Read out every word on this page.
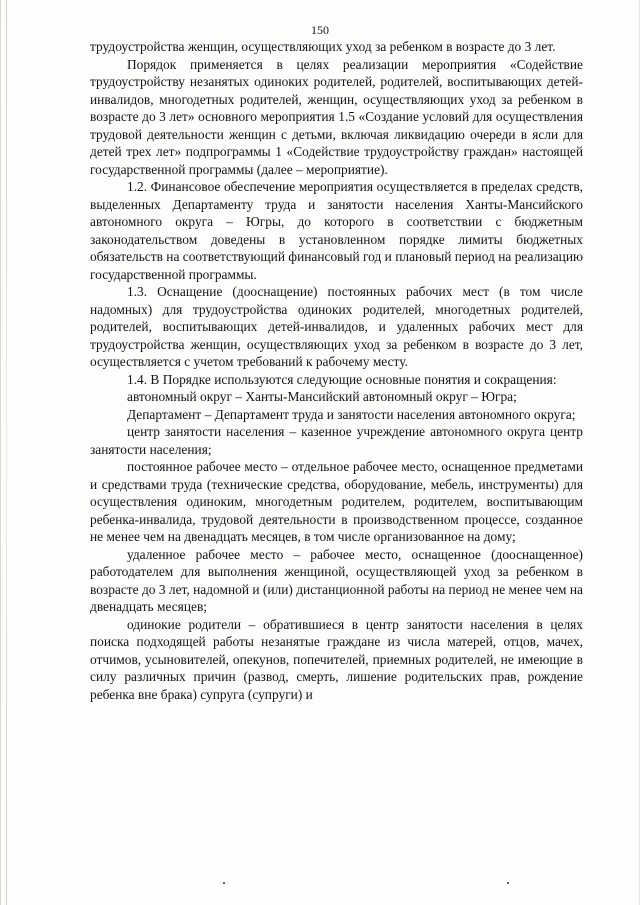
150

трудоустройства женщин, осуществляющих уход за ребенком в возрасте до 3 лет.

Порядок применяется в целях реализации мероприятия «Содействие трудоустройству незанятых одиноких родителей, родителей, воспитывающих детей-инвалидов, многодетных родителей, женщин, осуществляющих уход за ребенком в возрасте до 3 лет» основного мероприятия 1.5 «Создание условий для осуществления трудовой деятельности женщин с детьми, включая ликвидацию очереди в ясли для детей трех лет» подпрограммы 1 «Содействие трудоустройству граждан» настоящей государственной программы (далее – мероприятие).

1.2. Финансовое обеспечение мероприятия осуществляется в пределах средств, выделенных Департаменту труда и занятости населения Ханты-Мансийского автономного округа – Югры, до которого в соответствии с бюджетным законодательством доведены в установленном порядке лимиты бюджетных обязательств на соответствующий финансовый год и плановый период на реализацию государственной программы.

1.3. Оснащение (дооснащение) постоянных рабочих мест (в том числе надомных) для трудоустройства одиноких родителей, многодетных родителей, родителей, воспитывающих детей-инвалидов, и удаленных рабочих мест для трудоустройства женщин, осуществляющих уход за ребенком в возрасте до 3 лет, осуществляется с учетом требований к рабочему месту.

1.4. В Порядке используются следующие основные понятия и сокращения:

автономный округ – Ханты-Мансийский автономный округ – Югра;

Департамент – Департамент труда и занятости населения автономного округа;

центр занятости населения – казенное учреждение автономного округа центр занятости населения;

постоянное рабочее место – отдельное рабочее место, оснащенное предметами и средствами труда (технические средства, оборудование, мебель, инструменты) для осуществления одиноким, многодетным родителем, родителем, воспитывающим ребенка-инвалида, трудовой деятельности в производственном процессе, созданное не менее чем на двенадцать месяцев, в том числе организованное на дому;

удаленное рабочее место – рабочее место, оснащенное (дооснащенное) работодателем для выполнения женщиной, осуществляющей уход за ребенком в возрасте до 3 лет, надомной и (или) дистанционной работы на период не менее чем на двенадцать месяцев;

одинокие родители – обратившиеся в центр занятости населения в целях поиска подходящей работы незанятые граждане из числа матерей, отцов, мачех, отчимов, усыновителей, опекунов, попечителей, приемных родителей, не имеющие в силу различных причин (развод, смерть, лишение родительских прав, рождение ребенка вне брака) супруга (супруги) и
